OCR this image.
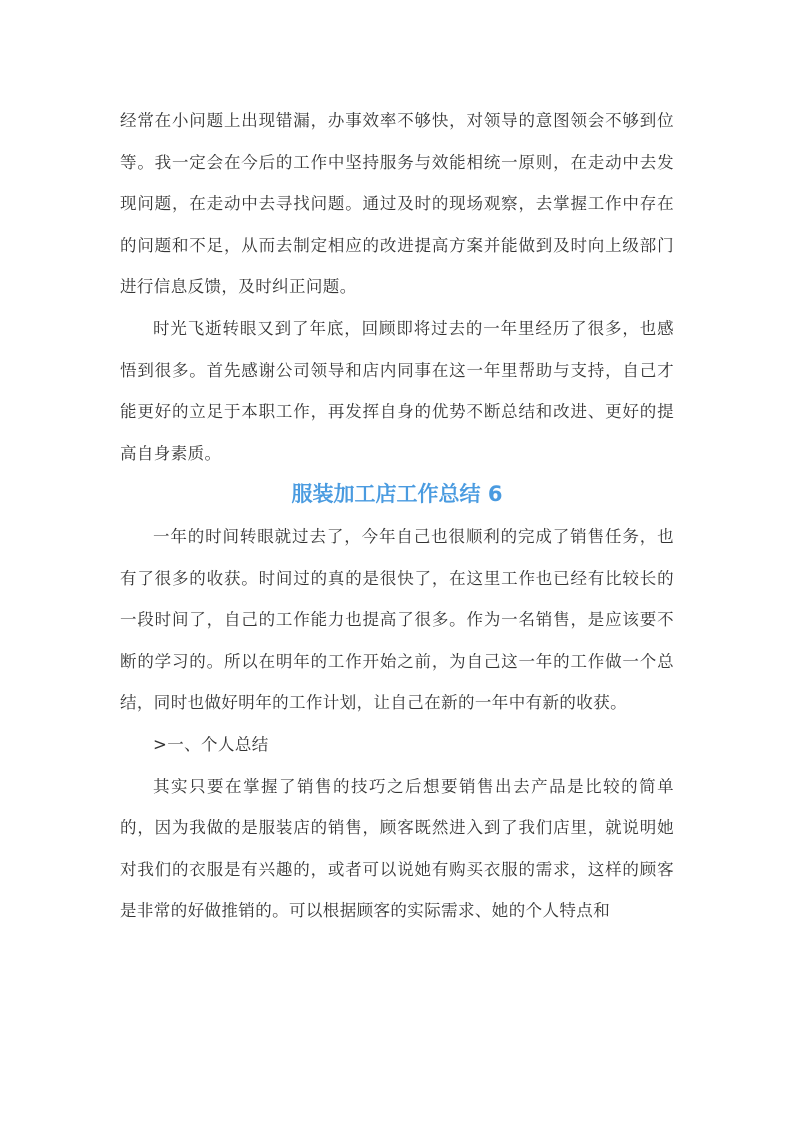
经常在小问题上出现错漏，办事效率不够快，对领导的意图领会不够到位等。我一定会在今后的工作中坚持服务与效能相统一原则，在走动中去发现问题，在走动中去寻找问题。通过及时的现场观察，去掌握工作中存在的问题和不足，从而去制定相应的改进提高方案并能做到及时向上级部门进行信息反馈，及时纠正问题。

时光飞逝转眼又到了年底，回顾即将过去的一年里经历了很多，也感悟到很多。首先感谢公司领导和店内同事在这一年里帮助与支持，自己才能更好的立足于本职工作，再发挥自身的优势不断总结和改进、更好的提高自身素质。

服装加工店工作总结 6

一年的时间转眼就过去了，今年自己也很顺利的完成了销售任务，也有了很多的收获。时间过的真的是很快了，在这里工作也已经有比较长的一段时间了，自己的工作能力也提高了很多。作为一名销售，是应该要不断的学习的。所以在明年的工作开始之前，为自己这一年的工作做一个总结，同时也做好明年的工作计划，让自己在新的一年中有新的收获。

>一、个人总结

其实只要在掌握了销售的技巧之后想要销售出去产品是比较的简单的，因为我做的是服装店的销售，顾客既然进入到了我们店里，就说明她对我们的衣服是有兴趣的，或者可以说她有购买衣服的需求，这样的顾客是非常的好做推销的。可以根据顾客的实际需求、她的个人特点和
